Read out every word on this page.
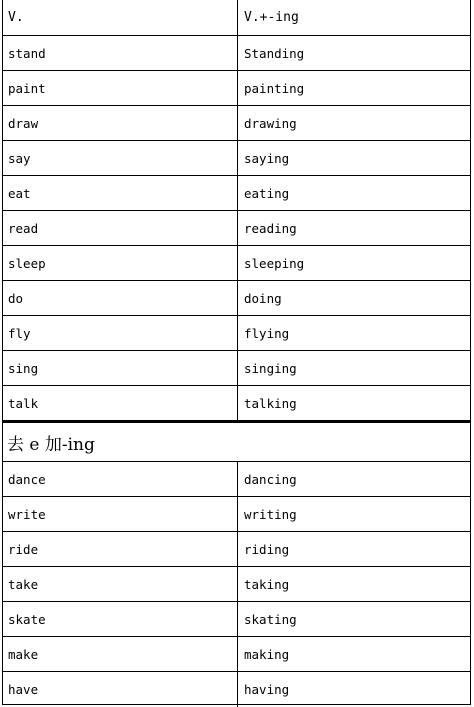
V.	V.+-ing
stand	Standing
paint	painting
draw	drawing
say	saying
eat	eating
read	reading
sleep	sleeping
do	doing
fly	flying
sing	singing
talk	talking
去 e 加-ing
dance	dancing
write	writing
ride	riding
take	taking
skate	skating
make	making
have	having
